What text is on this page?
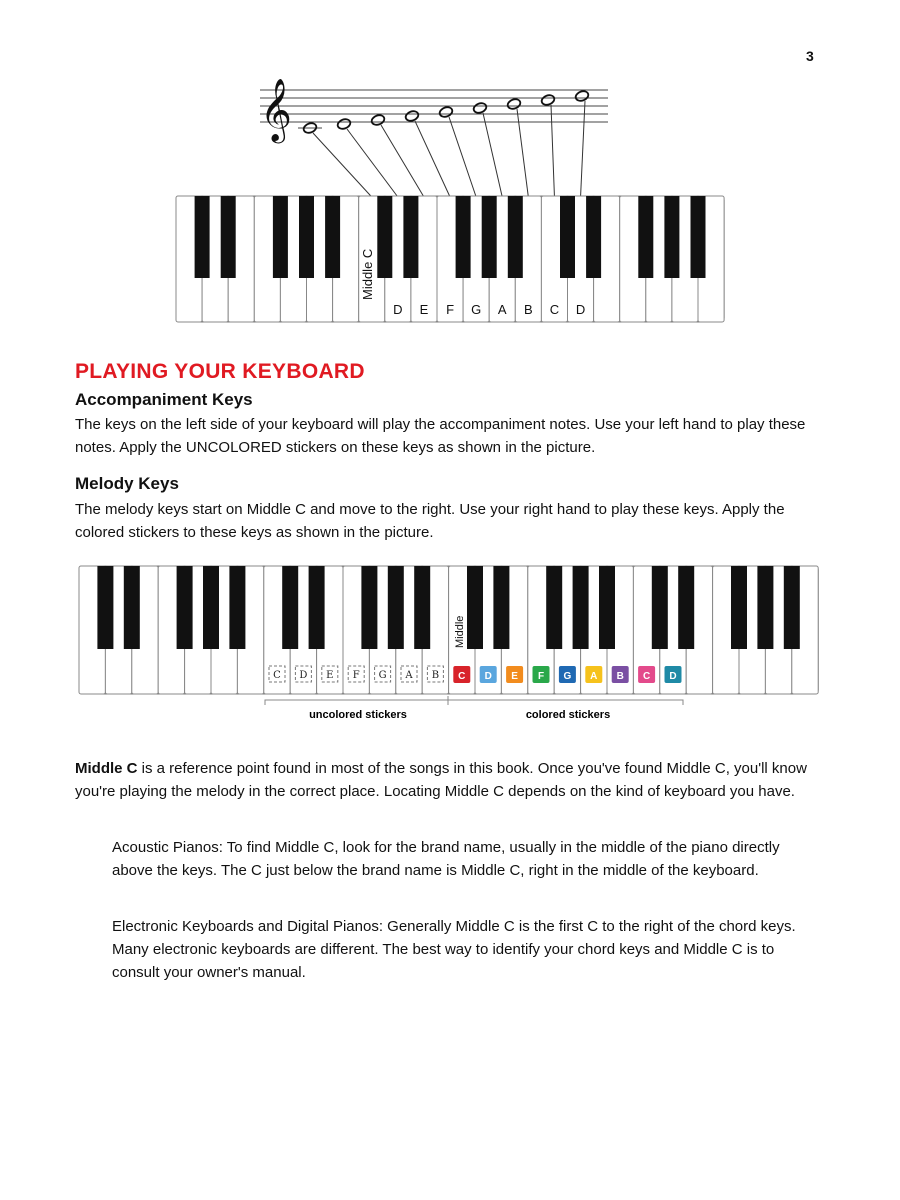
3
𝄞
Middle C
D E F G A B C D
PLAYING YOUR KEYBOARD
Accompaniment Keys

The keys on the left side of your keyboard will play the accompaniment notes. Use your left hand to play these notes. Apply the UNCOLORED stickers on these keys as shown in the picture.

Melody Keys

The melody keys start on Middle C and move to the right. Use your right hand to play these keys. Apply the colored stickers to these keys as shown in the picture.

Middle
C D E F G A B C D E F G A B C D
uncolored stickers	colored stickers

Middle C is a reference point found in most of the songs in this book. Once you've found Middle C, you'll know you're playing the melody in the correct place. Locating Middle C depends on the kind of keyboard you have.

Acoustic Pianos: To find Middle C, look for the brand name, usually in the middle of the piano directly above the keys. The C just below the brand name is Middle C, right in the middle of the keyboard.

Electronic Keyboards and Digital Pianos: Generally Middle C is the first C to the right of the chord keys. Many electronic keyboards are different. The best way to identify your chord keys and Middle C is to consult your owner's manual.
